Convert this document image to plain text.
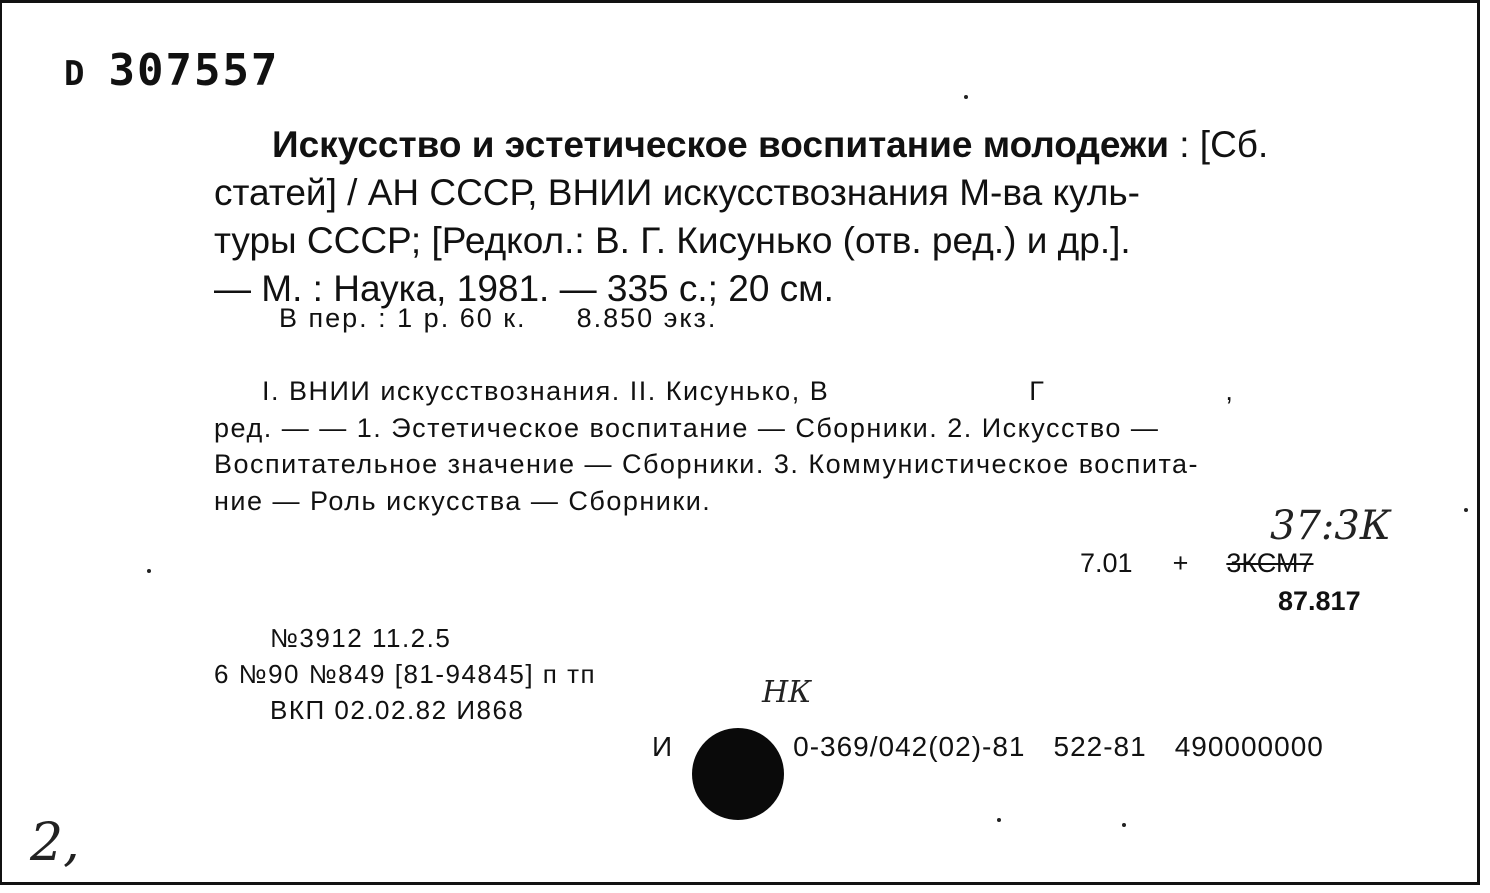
D 307557
Искусство и эстетическое воспитание молодежи : [Сб.
статей] / АН СССР, ВНИИ искусствознания М-ва куль-
туры СССР; [Редкол.: В. Г. Кисунько (отв. ред.) и др.].
— М. : Наука, 1981. — 335 с.; 20 см.
В пер. : 1 р. 60 к. 8.850 экз.
I. ВНИИ искусствознания. II. Кисунько, В	Г	,
ред. — — 1. Эстетическое воспитание — Сборники. 2. Искусство —
Воспитательное значение — Сборники. 3. Коммунистическое воспита-
ние — Роль искусства — Сборники.
37:3К
7.01 + 3КСМ7
87.817
№3912 11.2.5
6 №90 №849 [81-94845] п тп
ВКП 02.02.82 И868	НК
И	0-369/042(02)-81 522-81 490000000
2,
